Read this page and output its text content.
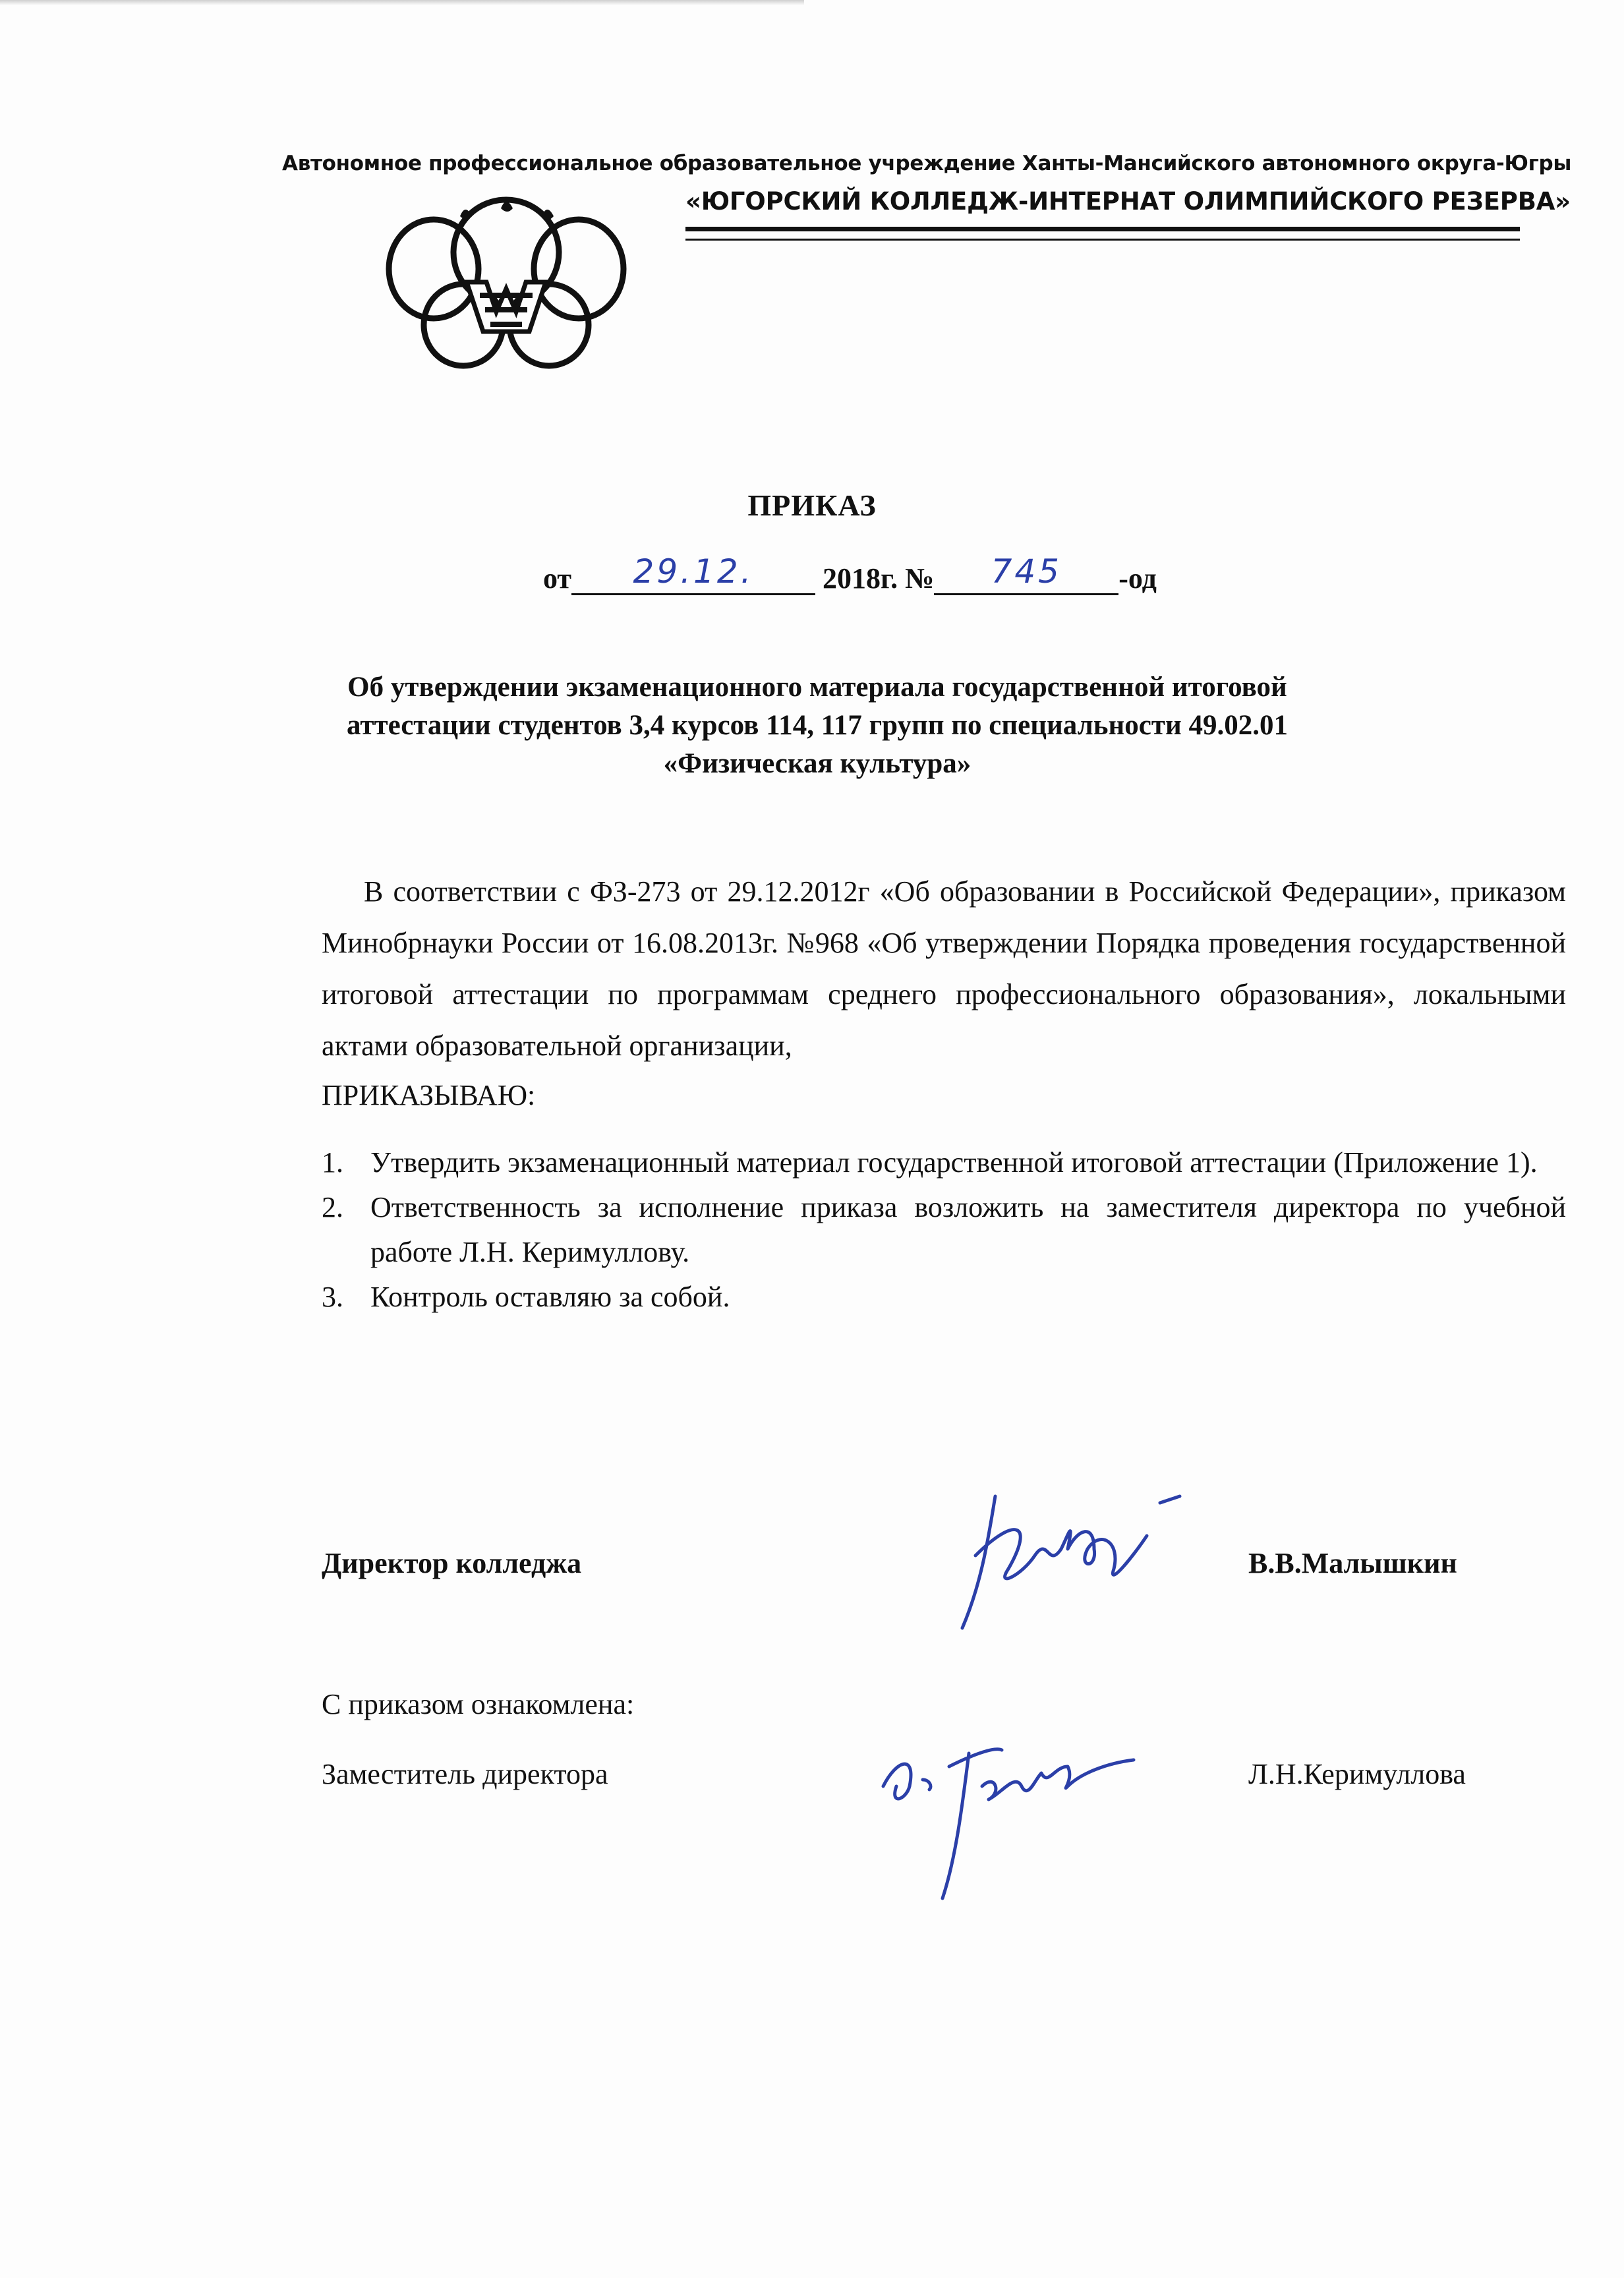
Автономное профессиональное образовательное учреждение Ханты-Мансийского автономного округа-Югры
«ЮГОРСКИЙ КОЛЛЕДЖ-ИНТЕРНАТ ОЛИМПИЙСКОГО РЕЗЕРВА»
ПРИКАЗ
от	29.12.	2018г. №	745	-од
Об утверждении экзаменационного материала государственной итоговой аттестации студентов 3,4 курсов 114, 117 групп по специальности 49.02.01 «Физическая культура»
В соответствии с ФЗ-273 от 29.12.2012г «Об образовании в Российской Федерации», приказом Минобрнауки России от 16.08.2013г. №968 «Об утверждении Порядка проведения государственной итоговой аттестации по программам среднего профессионального образования», локальными актами образовательной организации,
ПРИКАЗЫВАЮ:
1. Утвердить экзаменационный материал государственной итоговой аттестации (Приложение 1).
2. Ответственность за исполнение приказа возложить на заместителя директора по учебной работе Л.Н. Керимуллову.
3. Контроль оставляю за собой.
Директор колледжа	В.В.Малышкин
С приказом ознакомлена:
Заместитель директора	Л.Н.Керимуллова
